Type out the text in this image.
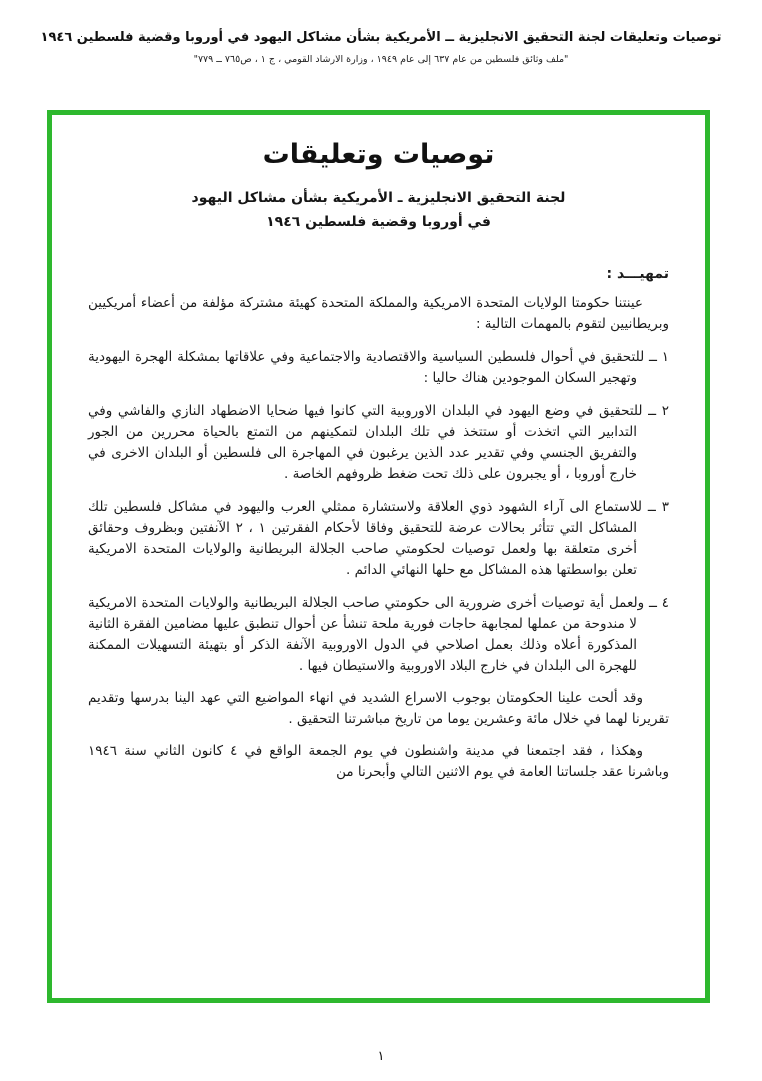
توصيات وتعليقات لجنة التحقيق الانجليزية ــ الأمريكية بشأن مشاكل اليهود في أوروبا وقضية فلسطين ١٩٤٦
"ملف وثائق فلسطين من عام ٦٣٧ إلى عام ١٩٤٩ ، وزارة الارشاد القومي ، ج ١ ، ص٧٦٥ ــ ٧٧٩"
توصيات وتعليقات
لجنة التحقيق الانجليزية ـ الأمريكية بشأن مشاكل اليهود
في أوروبا وقضية فلسطين ١٩٤٦
تمهيـــد :

عينتنا حكومتا الولايات المتحدة الامريكية والمملكة المتحدة كهيئة مشتركة مؤلفة من أعضاء أمريكيين وبريطانيين لتقوم بالمهمات التالية :

١ ــ للتحقيق في أحوال فلسطين السياسية والاقتصادية والاجتماعية وفي علاقاتها بمشكلة الهجرة اليهودية وتهجير السكان الموجودين هناك حاليا :
٢ ــ للتحقيق في وضع اليهود في البلدان الاوروبية التي كانوا فيها ضحايا الاضطهاد النازي والفاشي وفي التدابير التي اتخذت أو ستتخذ في تلك البلدان لتمكينهم من التمتع بالحياة محررين من الجور والتفريق الجنسي وفي تقدير عدد الذين يرغبون في المهاجرة الى فلسطين أو البلدان الاخرى في خارج أوروبا ، أو يجبرون على ذلك تحت ضغط ظروفهم الخاصة .
٣ ــ للاستماع الى آراء الشهود ذوي العلاقة ولاستشارة ممثلي العرب واليهود في مشاكل فلسطين تلك المشاكل التي تتأثر بحالات عرضة للتحقيق وفاقا لأحكام الفقرتين ١ ، ٢ الآنفتين وبظروف وحقائق أخرى متعلقة بها ولعمل توصيات لحكومتي صاحب الجلالة البريطانية والولايات المتحدة الامريكية تعلن بواسطتها هذه المشاكل مع حلها النهائي الدائم .
٤ ــ ولعمل أية توصيات أخرى ضرورية الى حكومتي صاحب الجلالة البريطانية والولايات المتحدة الامريكية لا مندوحة من عملها لمجابهة حاجات فورية ملحة تنشأ عن أحوال تنطبق عليها مضامين الفقرة الثانية المذكورة أعلاه وذلك بعمل اصلاحي في الدول الاوروبية الآنفة الذكر أو بتهيئة التسهيلات الممكنة للهجرة الى البلدان في خارج البلاد الاوروبية والاستيطان فيها .

وقد ألحت علينا الحكومتان بوجوب الاسراع الشديد في انهاء المواضيع التي عهد الينا بدرسها وتقديم تقريرنا لهما في خلال مائة وعشرين يوما من تاريخ مباشرتنا التحقيق .

وهكذا ، فقد اجتمعنا في مدينة واشنطون في يوم الجمعة الواقع في ٤ كانون الثاني سنة ١٩٤٦ وباشرنا عقد جلساتنا العامة في يوم الاثنين التالي وأبحرنا من

١
